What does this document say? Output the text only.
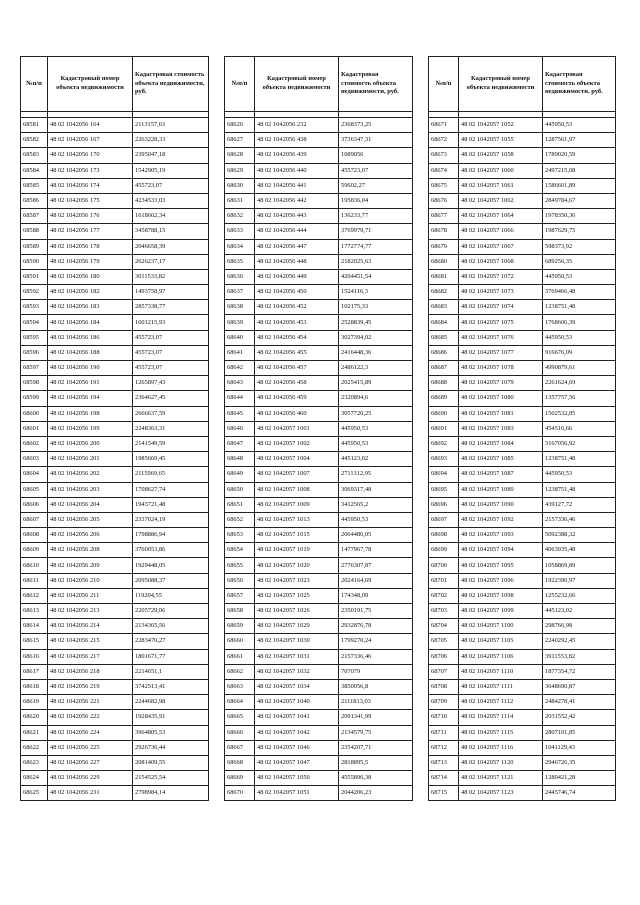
№п/п	Кадастровый номер объекта недвижимости	Кадастровая стоимость объекта недвижимости, руб.

68581	48 02 1042056 164	2113157,63
68582	48 02 1042056 167	2263228,33
68583	48 02 1042056 170	2395047,18
68584	48 02 1042056 173	1542905,19
68585	48 02 1042056 174	455723,07
68586	48 02 1042056 175	4234533,03
68587	48 02 1042056 176	1618602,34
68588	48 02 1042056 177	3458788,15
68589	48 02 1042056 178	2046658,39
68590	48 02 1042056 179	2626237,17
68591	48 02 1042056 180	3011533,82
68592	48 02 1042056 182	1493758,97
68593	48 02 1042056 183	2857338,77
68594	48 02 1042056 184	1601215,93
68595	48 02 1042056 186	455723,07
68596	48 02 1042056 188	455723,07
68597	48 02 1042056 190	455723,07
68598	48 02 1042056 191	1265897,43
68599	48 02 1042056 194	2364627,45
68600	48 02 1042056 198	2666637,59
68601	48 02 1042056 199	2248363,31
68602	48 02 1042056 200	2141549,59
68603	48 02 1042056 201	1985669,45
68604	48 02 1042056 202	2115969,65
68605	48 02 1042056 203	1708627,74
68606	48 02 1042056 204	1943721,48
68607	48 02 1042056 205	2337024,19
68608	48 02 1042056 206	1798886,94
68609	48 02 1042056 208	3760053,86
68610	48 02 1042056 209	1929448,05
68611	48 02 1042056 210	2095088,37
68612	48 02 1042056 211	119204,55
68613	48 02 1042056 213	2205729,06
68614	48 02 1042056 214	2134365,56
68615	48 02 1042056 215	2283470,27
68616	48 02 1042056 217	1801671,77
68617	48 02 1042056 218	2214651,1
68618	48 02 1042056 219	3742513,41
68619	48 02 1042056 221	2244682,98
68620	48 02 1042056 222	1928435,91
68621	48 02 1042056 224	3964805,53
68622	48 02 1042056 225	2926736,44
68623	48 02 1042056 227	2081409,55
68624	48 02 1042056 229	2154525,54
68625	48 02 1042056 231	2798984,14
№п/п	Кадастровый номер объекта недвижимости	Кадастровая стоимость объекта недвижимости, руб.

68626	48 02 1042056 232	2368373,25
68627	48 02 1042056 438	3736347,31
68628	48 02 1042056 439	1089056
68629	48 02 1042056 440	455723,07
68630	48 02 1042056 441	59602,27
68631	48 02 1042056 442	195836,04
68632	48 02 1042056 443	136233,77
68633	48 02 1042056 444	3769979,71
68634	48 02 1042056 447	1772774,77
68635	48 02 1042056 448	2182025,63
68636	48 02 1042056 449	4204451,54
68637	48 02 1042056 450	1524116,3
68638	48 02 1042056 452	102175,33
68639	48 02 1042056 453	2528839,45
68640	48 02 1042056 454	3027394,02
68641	48 02 1042056 455	2416448,36
68642	48 02 1042056 457	2486122,3
68643	48 02 1042056 458	2025415,89
68644	48 02 1042056 459	2320894,6
68645	48 02 1042056 460	3057720,25
68646	48 02 1042057 1001	445950,53
68647	48 02 1042057 1002	445950,53
68648	48 02 1042057 1004	445123,02
68649	48 02 1042057 1007	2711312,95
68650	48 02 1042057 1008	3069317,48
68651	48 02 1042057 1009	3412565,2
68652	48 02 1042057 1013	445950,53
68653	48 02 1042057 1015	2064486,05
68654	48 02 1042057 1019	1477967,78
68655	48 02 1042057 1020	2776307,87
68656	48 02 1042057 1023	2024164,69
68657	48 02 1042057 1025	174348,09
68658	48 02 1042057 1026	2350191,75
68659	48 02 1042057 1029	2932876,78
68660	48 02 1042057 1030	1799270,24
68661	48 02 1042057 1031	2157336,46
68662	48 02 1042057 1032	707079
68663	48 02 1042057 1034	3850056,8
68664	48 02 1042057 1040	2111813,03
68665	48 02 1042057 1041	2091341,99
68666	48 02 1042057 1042	2134579,75
68667	48 02 1042057 1046	2354207,71
68668	48 02 1042057 1047	2818895,5
68669	48 02 1042057 1050	4555896,38
68670	48 02 1042057 1051	2044206,23
№п/п	Кадастровый номер объекта недвижимости	Кадастровая стоимость объекта недвижимости, руб.

68671	48 02 1042057 1052	445950,53
68672	48 02 1042057 1055	1287561,97
68673	48 02 1042057 1058	1789020,59
68674	48 02 1042057 1060	2497215,08
68675	48 02 1042057 1061	1586601,89
68676	48 02 1042057 1062	2849784,67
68677	48 02 1042057 1064	1978350,36
68678	48 02 1042057 1066	1987629,75
68679	48 02 1042057 1067	598373,92
68680	48 02 1042057 1068	689256,35
68681	48 02 1042057 1072	445950,53
68682	48 02 1042057 1073	3769466,48
68683	48 02 1042057 1074	1238751,48
68684	48 02 1042057 1075	1768606,39
68685	48 02 1042057 1076	445950,53
68686	48 02 1042057 1077	916676,09
68687	48 02 1042057 1078	4990879,61
68688	48 02 1042057 1079	2261624,69
68689	48 02 1042057 1080	1357757,56
68690	48 02 1042057 1081	1502532,85
68691	48 02 1042057 1083	454516,66
68692	48 02 1042057 1084	3167056,92
68693	48 02 1042057 1085	1238751,48
68694	48 02 1042057 1087	445950,53
68695	48 02 1042057 1089	1238751,48
68696	48 02 1042057 1090	439127,72
68697	48 02 1042057 1092	2157336,46
68698	48 02 1042057 1093	5092388,32
68699	48 02 1042057 1094	4063935,48
68700	48 02 1042057 1095	1058869,89
68701	48 02 1042057 1096	1922390,97
68702	48 02 1042057 1098	1255232,66
68703	48 02 1042057 1099	445123,02
68704	48 02 1042057 1100	298766,98
68705	48 02 1042057 1105	2240292,45
68706	48 02 1042057 1106	3911553,82
68707	48 02 1042057 1110	1877354,72
68708	48 02 1042057 1111	3648690,87
68709	48 02 1042057 1112	2484278,41
68710	48 02 1042057 1114	2031552,42
68711	48 02 1042057 1115	2807101,85
68712	48 02 1042057 1116	1041129,43
68713	48 02 1042057 1120	2946726,35
68714	48 02 1042057 1121	1280421,28
68715	48 02 1042057 1123	2445746,74
